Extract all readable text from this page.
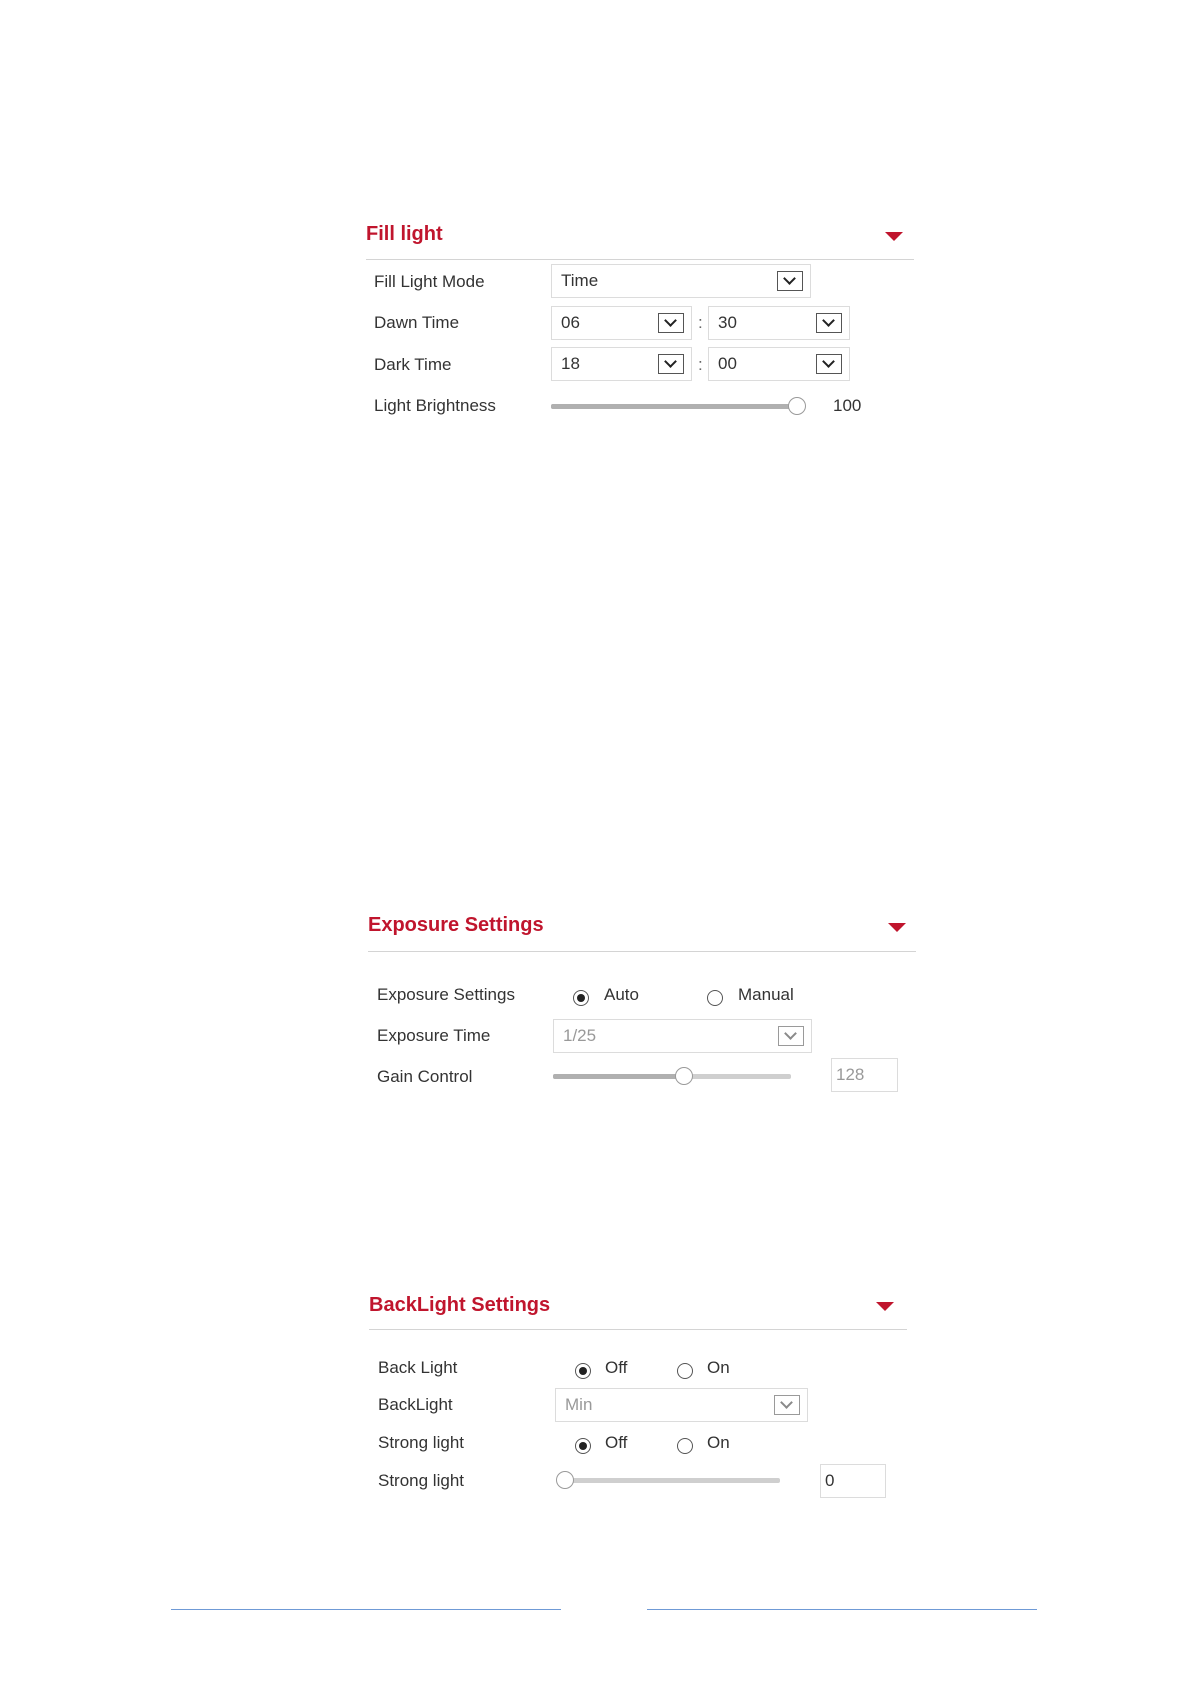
Fill light
Fill Light Mode	Time
Dawn Time	06	: 30
Dark Time	18	: 00
Light Brightness	100
Exposure Settings
Exposure Settings	Auto	Manual
Exposure Time	1/25
Gain Control	128
BackLight Settings
Back Light	Off	On
BackLight	Min
Strong light	Off	On
Strong light	0
